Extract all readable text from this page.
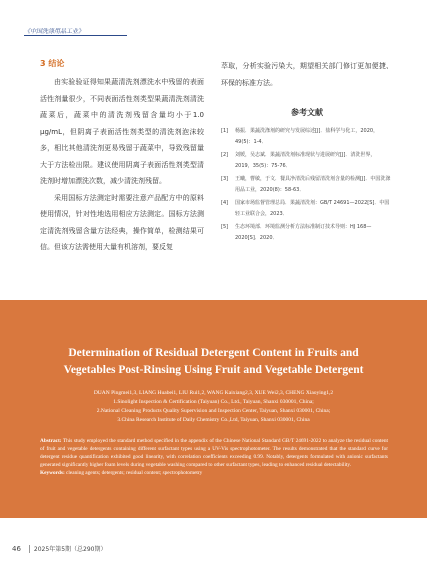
《中国洗涤用品工业》
3 结论

由实验验证得知果蔬清洗剂漂洗水中残留的表面活性剂量很少，不同表面活性剂类型果蔬清洗剂清洗蔬菜后，蔬菜中的清洗剂残留含量均小于1.0 μg/mL，但阴离子表面活性剂类型的清洗剂泡沫较多，相比其他清洗剂更易残留于蔬菜中，导致残留量大于方法检出限。建议使用阴离子表面活性剂类型清洗剂时增加漂洗次数，减少清洗剂残留。

采用国标方法测定时需要注意产品配方中的原料使用情况，针对性地选用相应方法测定。国标方法测定清洗剂残留含量方法经典，操作简单，检测结果可信。但该方法需使用大量有机溶剂，要反复

萃取，分析实验污染大，期望相关部门修订更加便捷、环保的标准方法。

参考文献
[1]	杨振．果蔬洗涤剂的研究与发展综述[J]．盐科学与化工，2020，49(5)：1-4．
[2]	刘媛，吴志斌．果蔬清洗剂标准现状与进展研究[J]．清洗世界，2019，35(5)：75-76．
[3]	王曦，曹敏，于文．餐具净清洗后残留清洗剂含量的检测[J]．中国洗涤用品工业，2020(8)：58-63．
[4]	国家市场监督管理总局．果蔬清洗剂：GB/T 24691—2022[S]．中国轻工业联合会，2023．
[5]	生态环境部．环境监测分析方法标准制订技术导则：HJ 168—2020[S]．2020．
Determination of Residual Detergent Content in Fruits and
Vegetables Post-Rinsing Using Fruit and Vegetable Detergent
DUAN Pingmei1,3, LIANG Huabei1, LIU Rui1,2, WANG Kaixiang2,3, XUE Wei2,3, CHENG Xiaoying1,2
1.Sinolight Inspection & Certification (Taiyuan) Co., Ltd., Taiyuan, Shanxi 030001, China;
2.National Cleaning Products Quality Supervision and Inspection Center, Taiyuan, Shanxi 030001, China;
3.China Research Institute of Daily Chemistry Co.,Ltd, Taiyuan, Shanxi 030001, China
Abstract: This study employed the standard method specified in the appendix of the Chinese National Standard GB/T 24691-2022 to analyze the residual content of fruit and vegetable detergents containing different surfactant types using a UV-Vis spectrophotometer. The results demonstrated that the standard curve for detergent residue quantification exhibited good linearity, with correlation coefficients exceeding 0.99. Notably, detergents formulated with anionic surfactants generated significantly higher foam levels during vegetable washing compared to other surfactant types, leading to enhanced residual detectability.
Keywords: cleaning agents; detergents; residual content; spectrophotometry
46 2025年第5期（总290期）
